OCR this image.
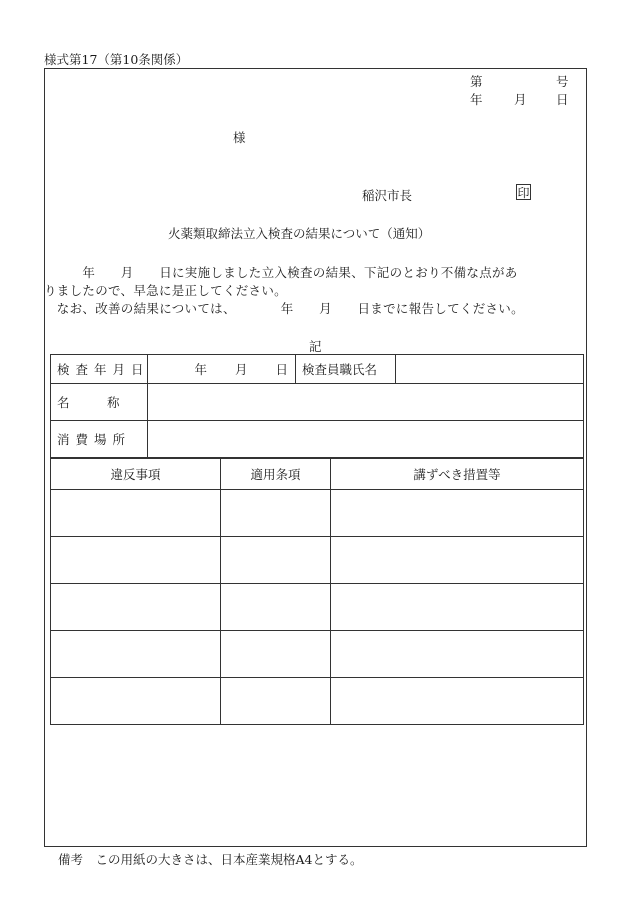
様式第17（第10条関係）
第	号
年	月 日
様
稲沢市長	印
火薬類取締法立入検査の結果について（通知）
　　　年　　月　　日に実施しました立入検査の結果、下記のとおり不備な点があ
りましたので、早急に是正してください。
　なお、改善の結果については、　　　　年　　月　　日までに報告してください。
記
検査年月日	年　　月　　日	検査員職氏名	
名　　　称			
消費場所			
違反事項	適用条項	講ずべき措置等

備考　この用紙の大きさは、日本産業規格A4とする。
